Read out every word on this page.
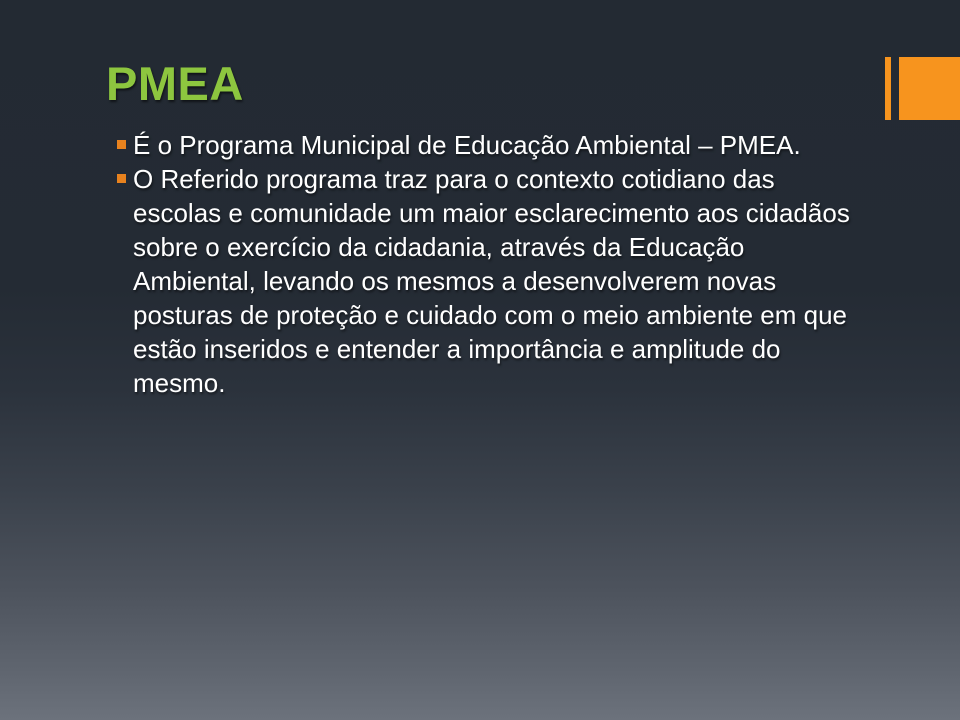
PMEA
É o Programa Municipal de Educação Ambiental – PMEA.
O Referido programa traz para o contexto cotidiano das escolas e comunidade um maior esclarecimento aos cidadãos sobre o exercício da cidadania, através da Educação Ambiental, levando os mesmos a desenvolverem novas posturas de proteção e cuidado com o meio ambiente em que estão inseridos e entender a importância e amplitude do mesmo.
